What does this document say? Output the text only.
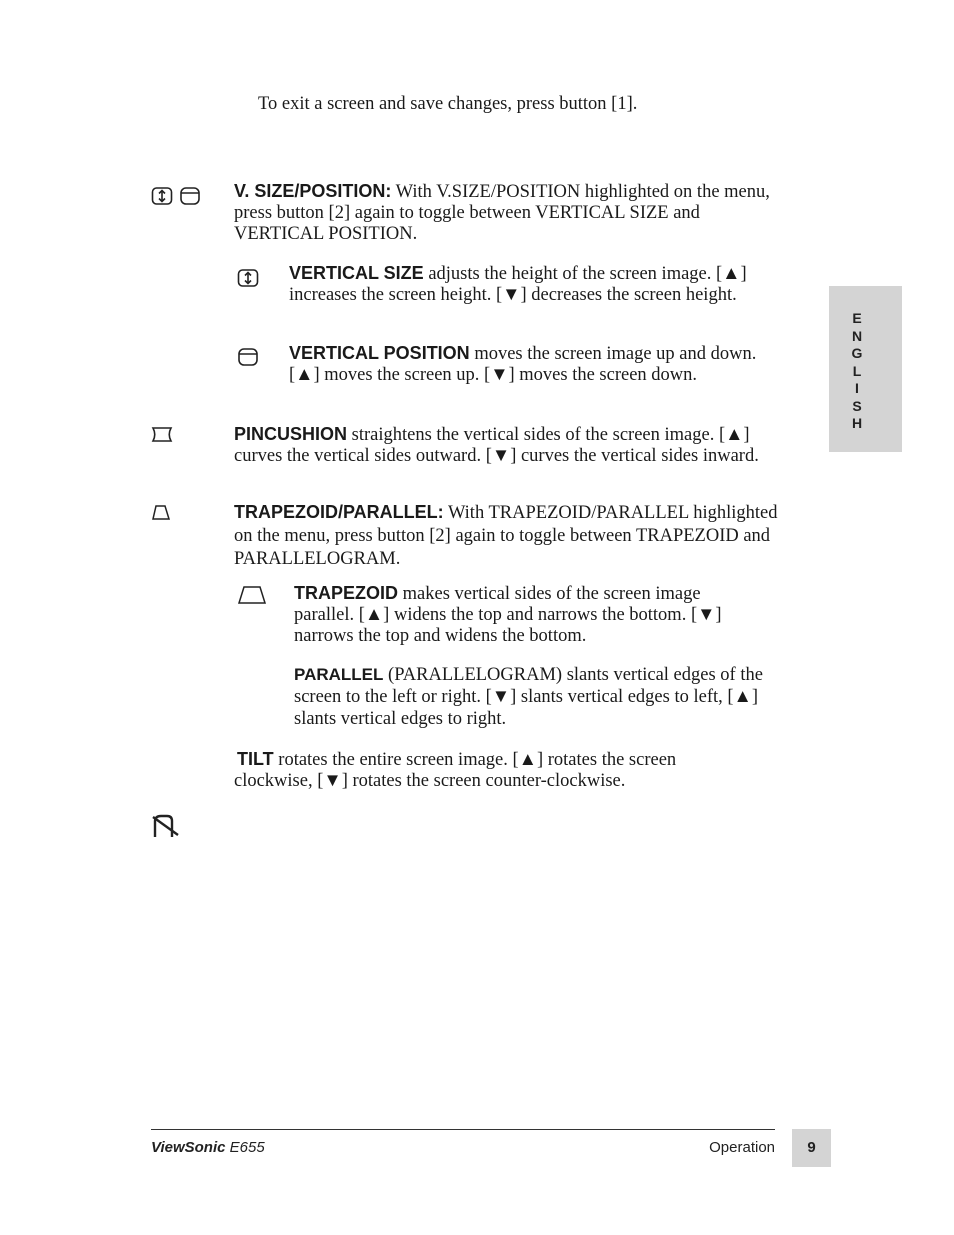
To exit a screen and save changes, press button [1].
V. SIZE/POSITION: With V.SIZE/POSITION highlighted on the menu, press button [2] again to toggle between VERTICAL SIZE and VERTICAL POSITION.
VERTICAL SIZE adjusts the height of the screen image. [▲] increases the screen height. [▼] decreases the screen height.
VERTICAL POSITION moves the screen image up and down. [▲] moves the screen up. [▼] moves the screen down.
PINCUSHION straightens the vertical sides of the screen image. [▲] curves the vertical sides outward. [▼] curves the vertical sides inward.
TRAPEZOID/PARALLEL: With TRAPEZOID/PARALLEL highlighted on the menu, press button [2] again to toggle between TRAPEZOID and PARALLELOGRAM.
TRAPEZOID makes vertical sides of the screen image parallel. [▲] widens the top and narrows the bottom. [▼] narrows the top and widens the bottom.
PARALLEL (PARALLELOGRAM) slants vertical edges of the screen to the left or right. [▼] slants vertical edges to left, [▲] slants vertical edges to right.
TILT rotates the entire screen image. [▲] rotates the screen clockwise, [▼] rotates the screen counter-clockwise.
E
N
G
L
I
S
H
ViewSonic E655	Operation	9
